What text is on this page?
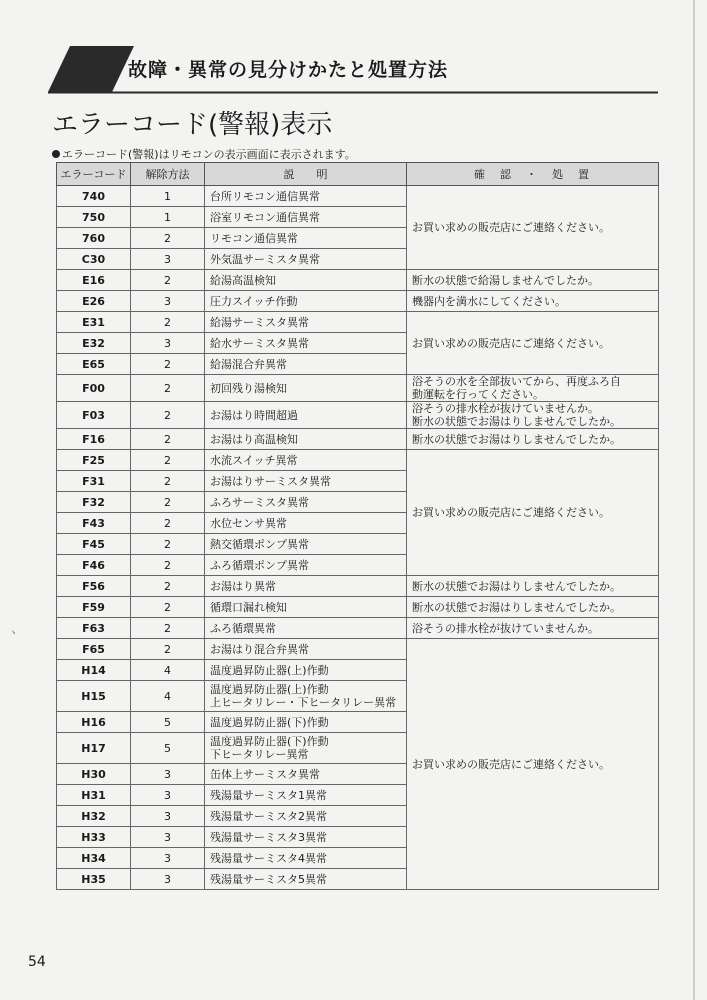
故障・異常の見分けかたと処置方法
エラーコード(警報)表示
エラーコード(警報)はリモコンの表示画面に表示されます。
エラーコード	解除方法	説　　明	確　認　・　処　置
740	1	台所リモコン通信異常	お買い求めの販売店にご連絡ください。
750	1	浴室リモコン通信異常	
760	2	リモコン通信異常	
C30	3	外気温サーミスタ異常	
E16	2	給湯高温検知	断水の状態で給湯しませんでしたか。
E26	3	圧力スイッチ作動	機器内を満水にしてください。
E31	2	給湯サーミスタ異常	お買い求めの販売店にご連絡ください。
E32	3	給水サーミスタ異常	
E65	2	給湯混合弁異常	
F00	2	初回残り湯検知	浴そうの水を全部抜いてから、再度ふろ自
動運転を行ってください。
F03	2	お湯はり時間超過	浴そうの排水栓が抜けていませんか。
断水の状態でお湯はりしませんでしたか。
F16	2	お湯はり高温検知	断水の状態でお湯はりしませんでしたか。
F25	2	水流スイッチ異常	お買い求めの販売店にご連絡ください。
F31	2	お湯はりサーミスタ異常	
F32	2	ふろサーミスタ異常	
F43	2	水位センサ異常	
F45	2	熱交循環ポンプ異常	
F46	2	ふろ循環ポンプ異常	
F56	2	お湯はり異常	断水の状態でお湯はりしませんでしたか。
F59	2	循環口漏れ検知	断水の状態でお湯はりしませんでしたか。
F63	2	ふろ循環異常	浴そうの排水栓が抜けていませんか。
F65	2	お湯はり混合弁異常	お買い求めの販売店にご連絡ください。
H14	4	温度過昇防止器(上)作動	
H15	4	温度過昇防止器(上)作動
上ヒータリレー・下ヒータリレー異常	
H16	5	温度過昇防止器(下)作動	
H17	5	温度過昇防止器(下)作動
下ヒータリレー異常	
H30	3	缶体上サーミスタ異常	
H31	3	残湯量サーミスタ1異常	
H32	3	残湯量サーミスタ2異常	
H33	3	残湯量サーミスタ3異常	
H34	3	残湯量サーミスタ4異常	
H35	3	残湯量サーミスタ5異常	
ヽ
54
